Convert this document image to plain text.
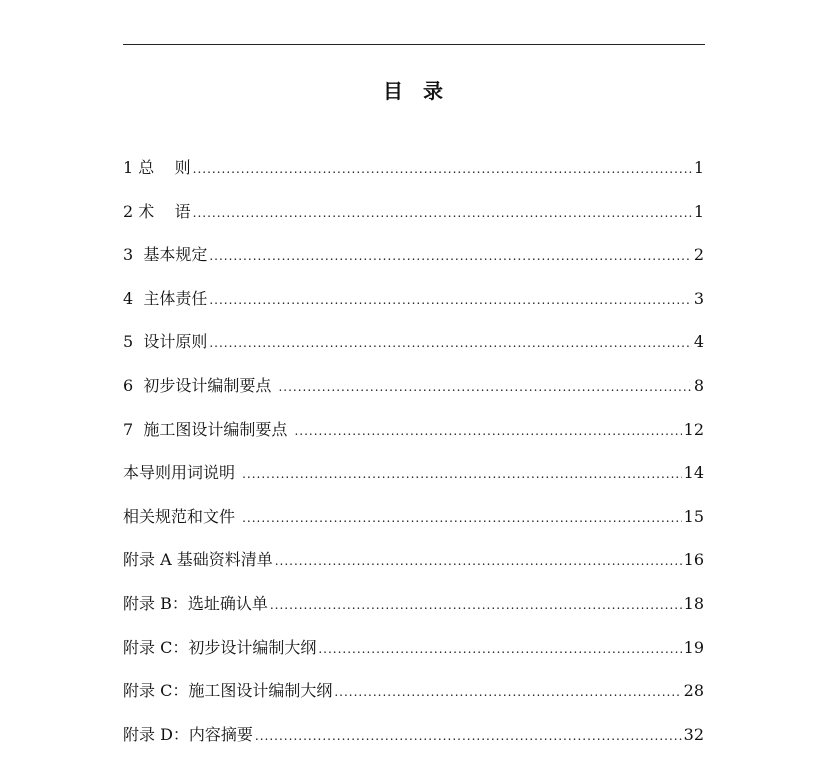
目 录
1 总    则 .....	1
2 术    语 .....	1
3  基本规定 .....	2
4  主体责任 .....	3
5  设计原则 .....	4
6  初步设计编制要点 .....	8
7  施工图设计编制要点 .....	12
本导则用词说明 .....	14
相关规范和文件 .....	15
附录 A 基础资料清单 .....	16
附录 B：选址确认单 .....	18
附录 C：初步设计编制大纲 .....	19
附录 C：施工图设计编制大纲 .....	28
附录 D：内容摘要 .....	32
